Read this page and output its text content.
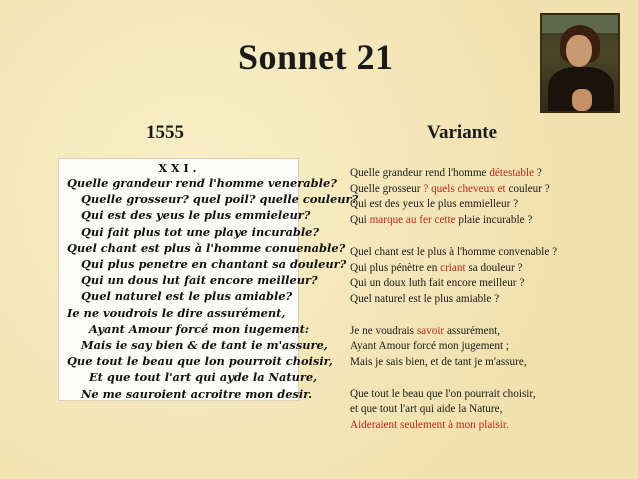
Sonnet 21
1555	Variante
XXI.
Quelle grandeur rend l'homme venerable?
Quelle grosseur? quel poil? quelle couleur?
Qui est des yeus le plus emmieleur?
Qui fait plus tot une playe incurable?
Quel chant est plus à l'homme conuenable?
Qui plus penetre en chantant sa douleur?
Qui un dous lut fait encore meilleur?
Quel naturel est le plus amiable?
Ie ne voudrois le dire assurément,
Ayant Amour forcé mon iugement:
Mais ie say bien & de tant ie m'assure,
Que tout le beau que lon pourroit choisir,
Et que tout l'art qui ayde la Nature,
Ne me sauroient acroitre mon desir.
Quelle grandeur rend l'homme détestable ?
Quelle grosseur ? quels cheveux et couleur ?
Qui est des yeux le plus emmielleur ?
Qui marque au fer cette plaie incurable ?
Quel chant est le plus à l'homme convenable ?
Qui plus pénètre en criant sa douleur ?
Qui un doux luth fait encore meilleur ?
Quel naturel est le plus amiable ?
Je ne voudrais savoir assurément,
Ayant Amour forcé mon jugement ;
Mais je sais bien, et de tant je m'assure,
Que tout le beau que l'on pourrait choisir,
et que tout l'art qui aide la Nature,
Aideraient seulement à mon plaisir.
